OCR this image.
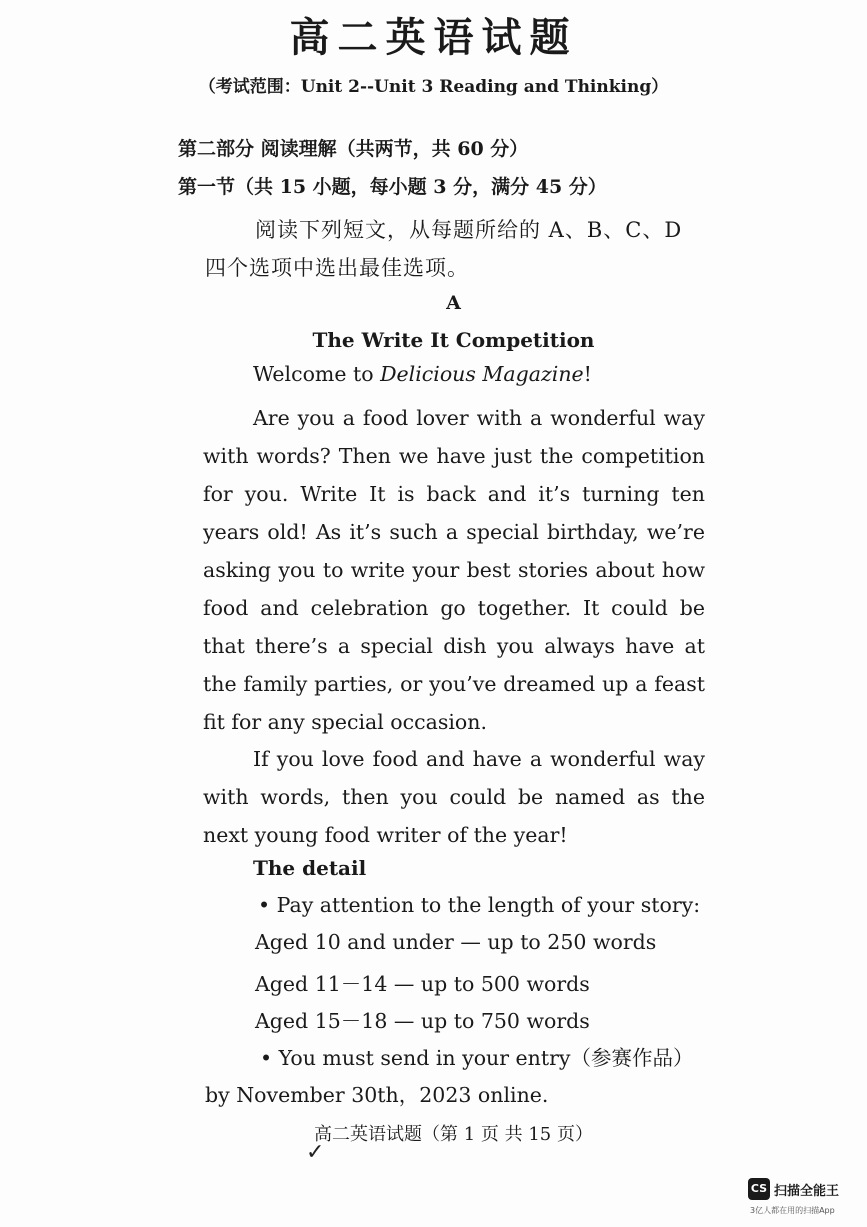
高二英语试题
（考试范围：Unit 2--Unit 3 Reading and Thinking）
第二部分 阅读理解（共两节，共 60 分）
第一节（共 15 小题，每小题 3 分，满分 45 分）
阅读下列短文，从每题所给的 A、B、C、D 四个选项中选出最佳选项。
A
The Write It Competition
Welcome to Delicious Magazine!
Are you a food lover with a wonderful way with words? Then we have just the competition for you. Write It is back and it’s turning ten years old! As it’s such a special birthday, we’re asking you to write your best stories about how food and celebration go together. It could be that there’s a special dish you always have at the family parties, or you’ve dreamed up a feast fit for any special occasion.
If you love food and have a wonderful way with words, then you could be named as the next young food writer of the year!
The detail
• Pay attention to the length of your story:
Aged 10 and under — up to 250 words
Aged 11－14 — up to 500 words
Aged 15－18 — up to 750 words
• You must send in your entry（参赛作品）
by November 30th，2023 online.
高二英语试题（第 1 页 共 15 页）
✓
CS 扫描全能王
3亿人都在用的扫描App
